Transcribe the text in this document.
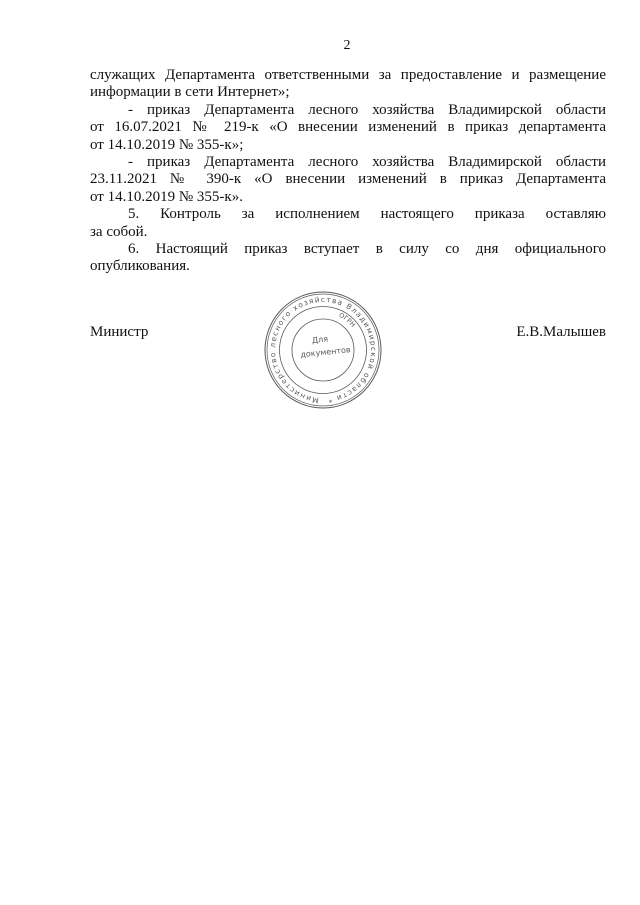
2
служащих Департамента ответственными за предоставление и размещение
информации в сети Интернет»;
- приказ Департамента лесного хозяйства Владимирской области
от 16.07.2021 № 219-к «О внесении изменений в приказ департамента
от 14.10.2019 № 355-к»;
- приказ Департамента лесного хозяйства Владимирской области
23.11.2021 № 390-к «О внесении изменений в приказ Департамента
от 14.10.2019 № 355-к».
5. Контроль за исполнением настоящего приказа оставляю
за собой.
6. Настоящий приказ вступает в силу со дня официального
опубликования.
Министр	Е.В.Малышев
Министерство лесного хозяйства Владимирской области *
ОГРН
Для
документов
